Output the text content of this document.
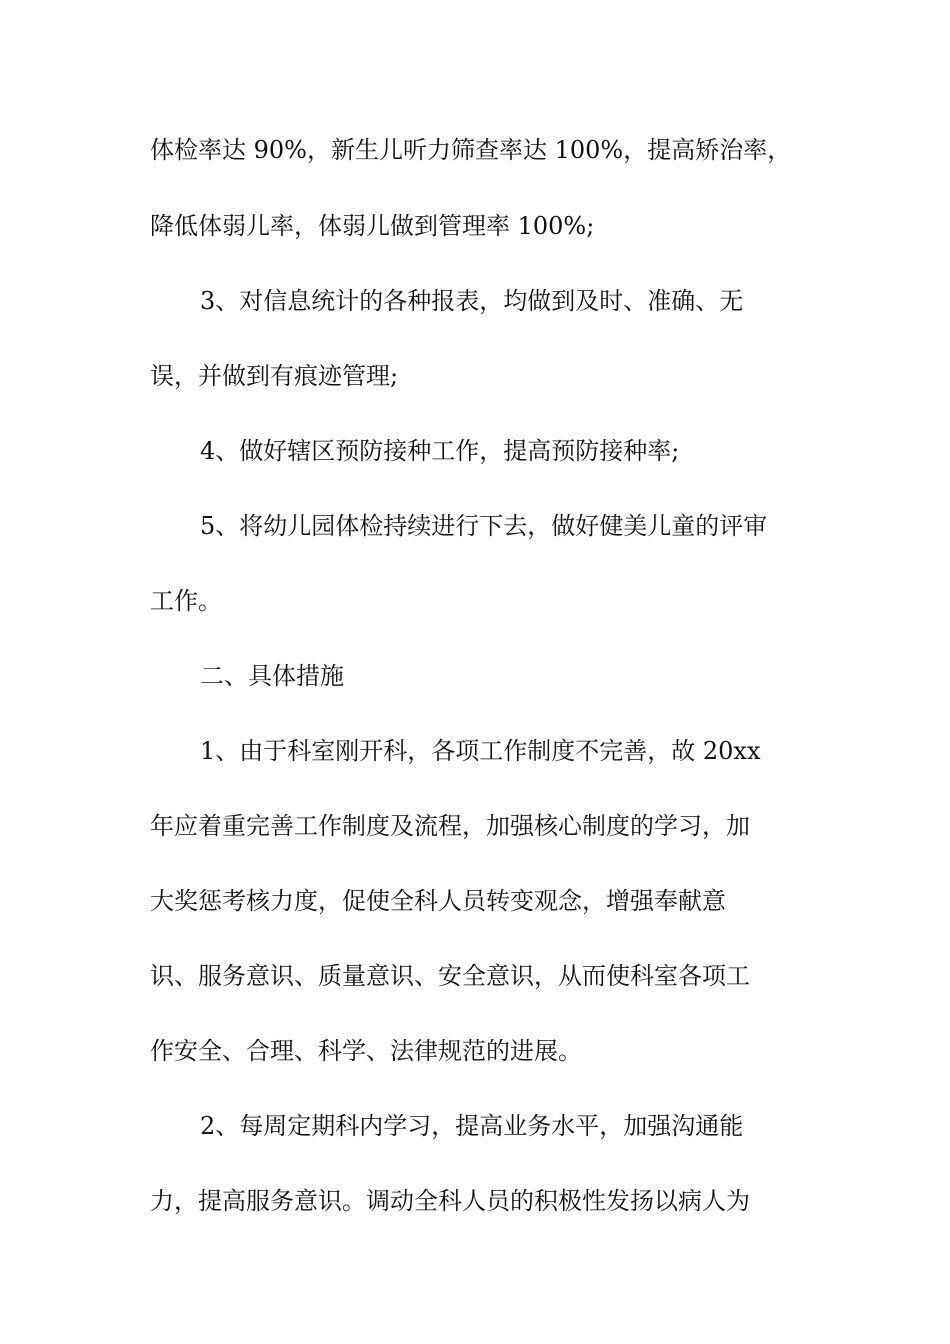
体检率达 90%，新生儿听力筛查率达 100%，提高矫治率，
降低体弱儿率，体弱儿做到管理率 100%;
3、对信息统计的各种报表，均做到及时、准确、无
误，并做到有痕迹管理;
4、做好辖区预防接种工作，提高预防接种率;
5、将幼儿园体检持续进行下去，做好健美儿童的评审
工作。
二、具体措施
1、由于科室刚开科，各项工作制度不完善，故 20xx
年应着重完善工作制度及流程，加强核心制度的学习，加
大奖惩考核力度，促使全科人员转变观念，增强奉献意
识、服务意识、质量意识、安全意识，从而使科室各项工
作安全、合理、科学、法律规范的进展。
2、每周定期科内学习，提高业务水平，加强沟通能
力，提高服务意识。调动全科人员的积极性发扬以病人为
